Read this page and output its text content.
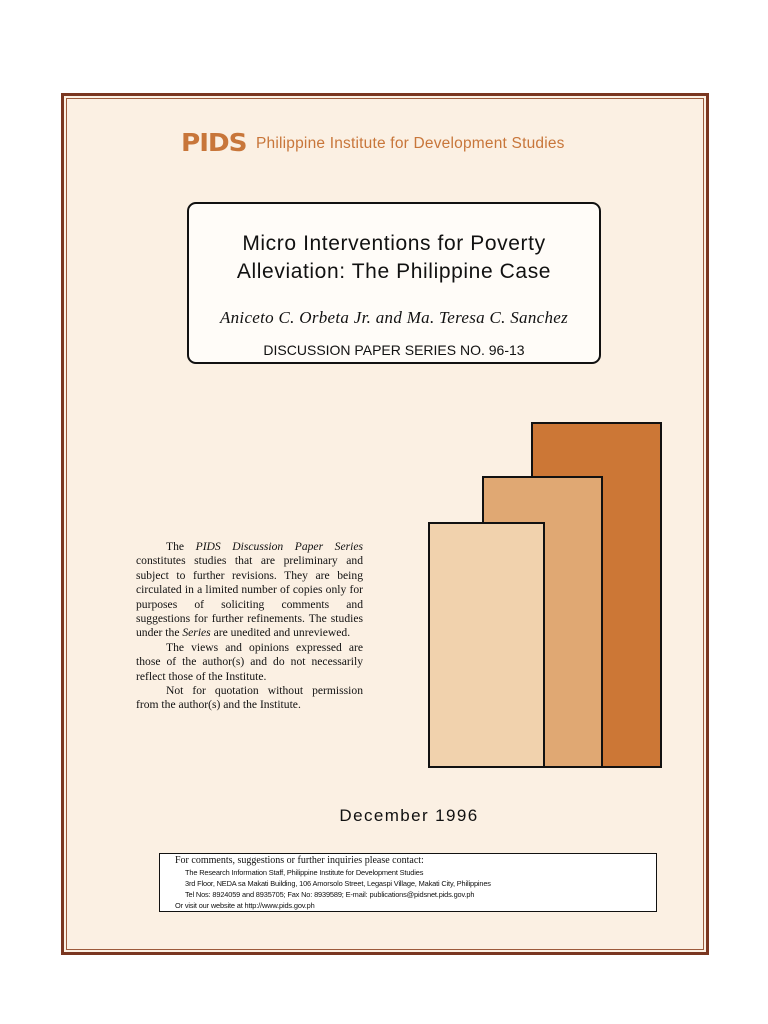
PIDS Philippine Institute for Development Studies
Micro Interventions for Poverty
Alleviation: The Philippine Case
Aniceto C. Orbeta Jr. and Ma. Teresa C. Sanchez
DISCUSSION PAPER SERIES NO. 96-13

The PIDS Discussion Paper Series constitutes studies that are preliminary and subject to further revisions. They are being circulated in a limited number of copies only for purposes of soliciting comments and suggestions for further refinements. The studies under the Series are unedited and unreviewed.

The views and opinions expressed are those of the author(s) and do not necessarily reflect those of the Institute.

Not for quotation without permission from the author(s) and the Institute.

December 1996
For comments, suggestions or further inquiries please contact:
The Research Information Staff, Philippine Institute for Development Studies
3rd Floor, NEDA sa Makati Building, 106 Amorsolo Street, Legaspi Village, Makati City, Philippines
Tel Nos: 8924059 and 8935705; Fax No: 8939589; E-mail: publications@pidsnet.pids.gov.ph
Or visit our website at http://www.pids.gov.ph
